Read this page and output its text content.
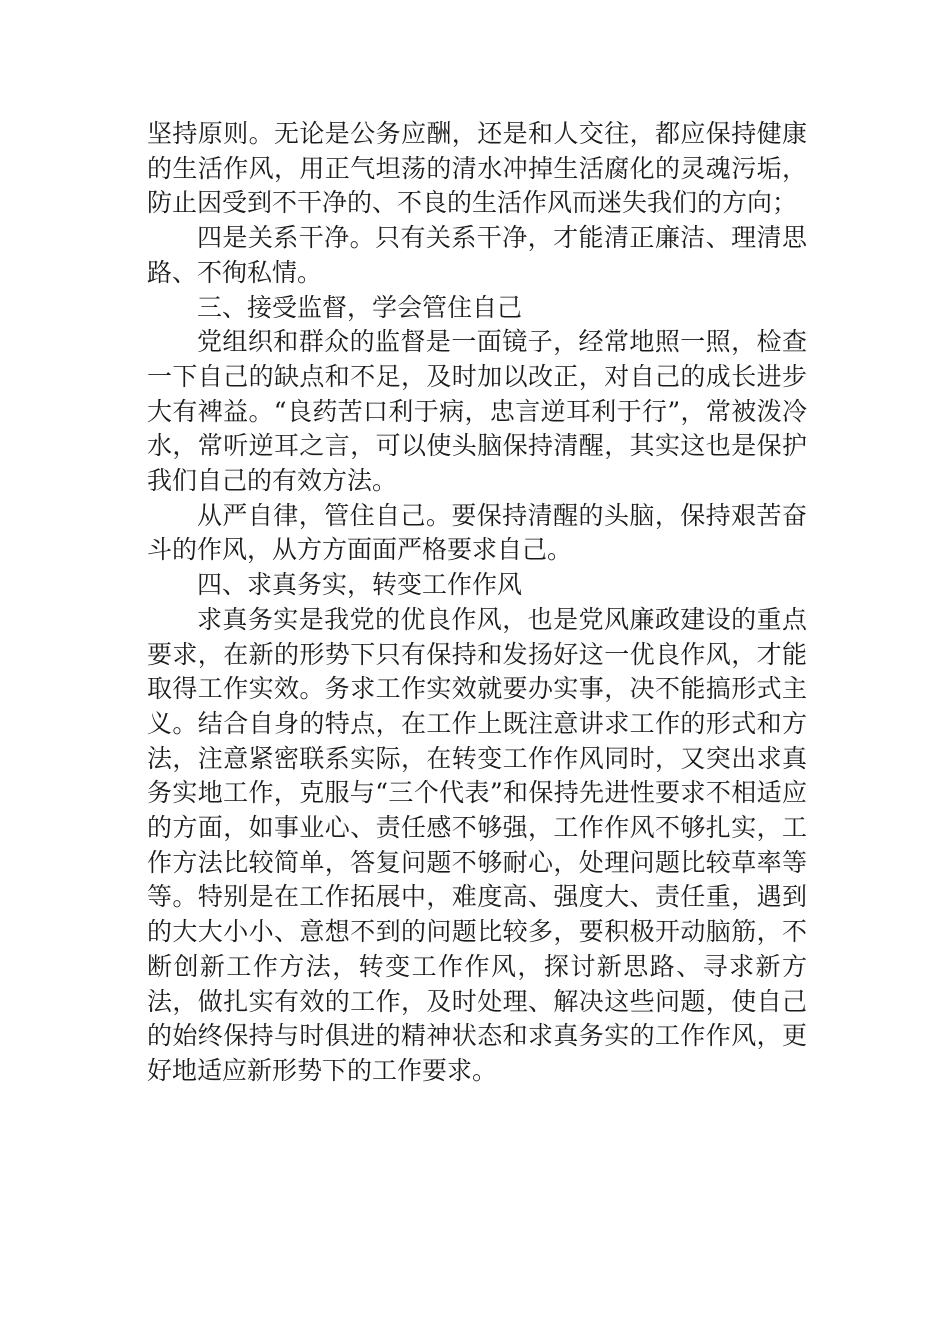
坚持原则。无论是公务应酬，还是和人交往，都应保持健康的生活作风，用正气坦荡的清水冲掉生活腐化的灵魂污垢，防止因受到不干净的、不良的生活作风而迷失我们的方向；

四是关系干净。只有关系干净，才能清正廉洁、理清思路、不徇私情。

三、接受监督，学会管住自己

党组织和群众的监督是一面镜子，经常地照一照，检查一下自己的缺点和不足，及时加以改正，对自己的成长进步大有裨益。“良药苦口利于病，忠言逆耳利于行”，常被泼冷水，常听逆耳之言，可以使头脑保持清醒，其实这也是保护我们自己的有效方法。

从严自律，管住自己。要保持清醒的头脑，保持艰苦奋斗的作风，从方方面面严格要求自己。

四、求真务实，转变工作作风

求真务实是我党的优良作风，也是党风廉政建设的重点要求，在新的形势下只有保持和发扬好这一优良作风，才能取得工作实效。务求工作实效就要办实事，决不能搞形式主义。结合自身的特点，在工作上既注意讲求工作的形式和方法，注意紧密联系实际，在转变工作作风同时，又突出求真务实地工作，克服与“三个代表”和保持先进性要求不相适应的方面，如事业心、责任感不够强，工作作风不够扎实，工作方法比较简单，答复问题不够耐心，处理问题比较草率等等。特别是在工作拓展中，难度高、强度大、责任重，遇到的大大小小、意想不到的问题比较多，要积极开动脑筋，不断创新工作方法，转变工作作风，探讨新思路、寻求新方法，做扎实有效的工作，及时处理、解决这些问题，使自己的始终保持与时俱进的精神状态和求真务实的工作作风，更好地适应新形势下的工作要求。
